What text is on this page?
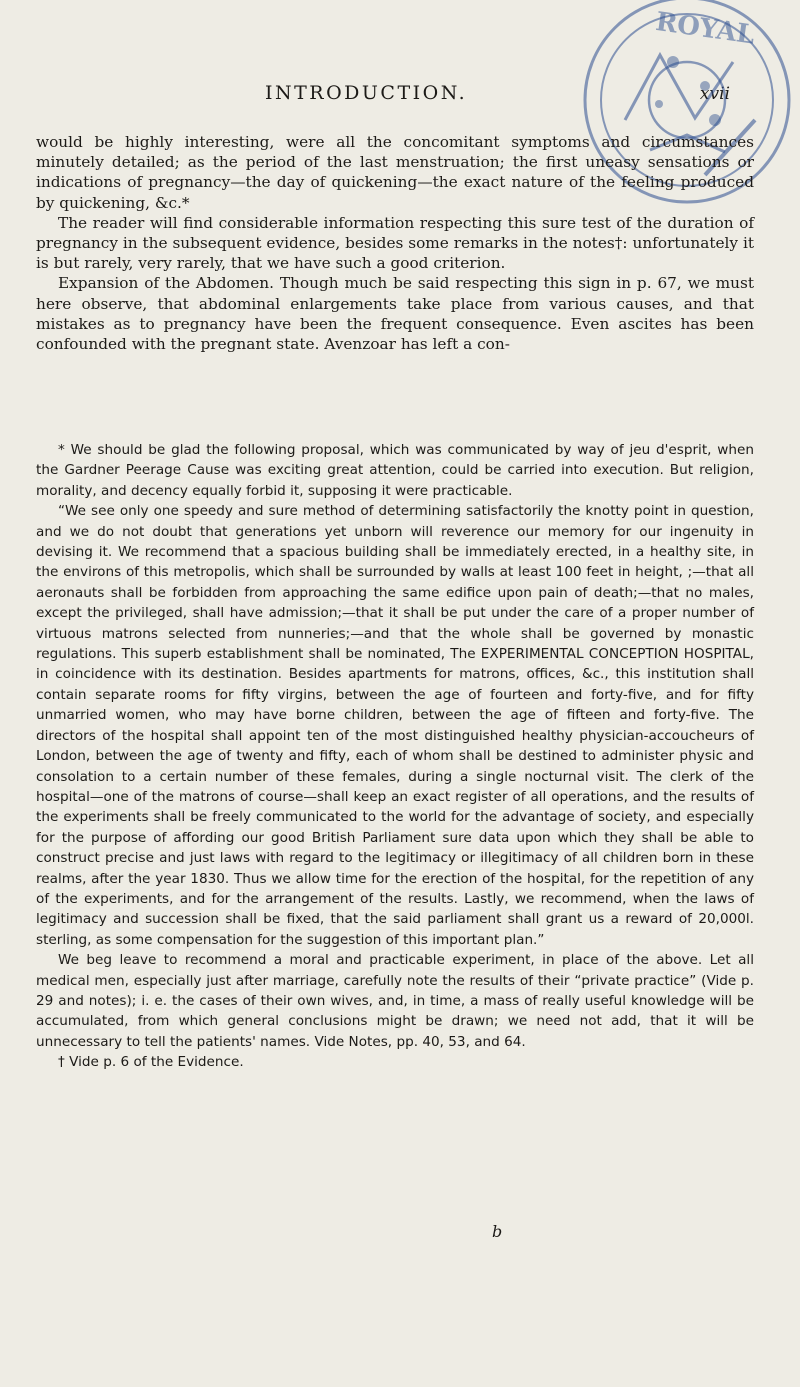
INTRODUCTION.	xvii
ROYAL

would be highly interesting, were all the concomitant symptoms and circumstances minutely detailed; as the period of the last menstruation; the first uneasy sensations or indications of pregnancy—the day of quickening—the exact nature of the feeling produced by quickening, &c.*

The reader will find considerable information respecting this sure test of the duration of pregnancy in the subsequent evidence, besides some remarks in the notes†: unfortunately it is but rarely, very rarely, that we have such a good criterion.

Expansion of the Abdomen. Though much be said respecting this sign in p. 67, we must here observe, that abdominal enlargements take place from various causes, and that mistakes as to pregnancy have been the frequent consequence. Even ascites has been confounded with the pregnant state. Avenzoar has left a con-

* We should be glad the following proposal, which was communicated by way of jeu d'esprit, when the Gardner Peerage Cause was exciting great attention, could be carried into execution. But religion, morality, and decency equally forbid it, supposing it were practicable.

“We see only one speedy and sure method of determining satisfactorily the knotty point in question, and we do not doubt that generations yet unborn will reverence our memory for our ingenuity in devising it. We recommend that a spacious building shall be immediately erected, in a healthy site, in the environs of this metropolis, which shall be surrounded by walls at least 100 feet in height, ;—that all aeronauts shall be forbidden from approaching the same edifice upon pain of death;—that no males, except the privileged, shall have admission;—that it shall be put under the care of a proper number of virtuous matrons selected from nunneries;—and that the whole shall be governed by monastic regulations. This superb establishment shall be nominated, The EXPERIMENTAL CONCEPTION HOSPITAL, in coincidence with its destination. Besides apartments for matrons, offices, &c., this institution shall contain separate rooms for fifty virgins, between the age of fourteen and forty-five, and for fifty unmarried women, who may have borne children, between the age of fifteen and forty-five. The directors of the hospital shall appoint ten of the most distinguished healthy physician-accoucheurs of London, between the age of twenty and fifty, each of whom shall be destined to administer physic and consolation to a certain number of these females, during a single nocturnal visit. The clerk of the hospital—one of the matrons of course—shall keep an exact register of all operations, and the results of the experiments shall be freely communicated to the world for the advantage of society, and especially for the purpose of affording our good British Parliament sure data upon which they shall be able to construct precise and just laws with regard to the legitimacy or illegitimacy of all children born in these realms, after the year 1830. Thus we allow time for the erection of the hospital, for the repetition of any of the experiments, and for the arrangement of the results. Lastly, we recommend, when the laws of legitimacy and succession shall be fixed, that the said parliament shall grant us a reward of 20,000l. sterling, as some compensation for the suggestion of this important plan.”

We beg leave to recommend a moral and practicable experiment, in place of the above. Let all medical men, especially just after marriage, carefully note the results of their “private practice” (Vide p. 29 and notes); i. e. the cases of their own wives, and, in time, a mass of really useful knowledge will be accumulated, from which general conclusions might be drawn; we need not add, that it will be unnecessary to tell the patients' names. Vide Notes, pp. 40, 53, and 64.

† Vide p. 6 of the Evidence.

b
